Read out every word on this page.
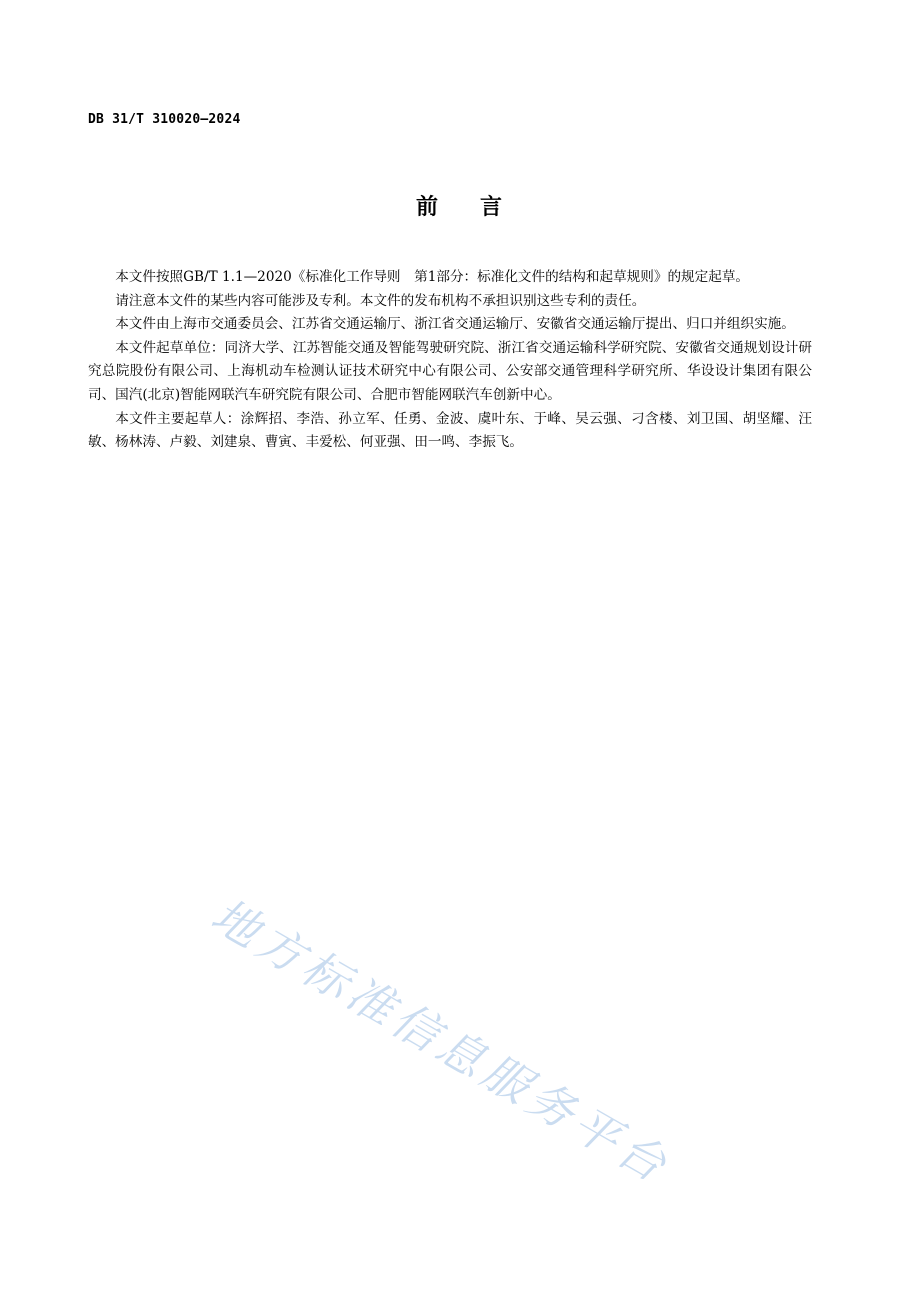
DB 31/T 310020—2024
前 言

本文件按照GB/T 1.1—2020《标准化工作导则　第1部分：标准化文件的结构和起草规则》的规定起草。

请注意本文件的某些内容可能涉及专利。本文件的发布机构不承担识别这些专利的责任。

本文件由上海市交通委员会、江苏省交通运输厅、浙江省交通运输厅、安徽省交通运输厅提出、归口并组织实施。

本文件起草单位：同济大学、江苏智能交通及智能驾驶研究院、浙江省交通运输科学研究院、安徽省交通规划设计研究总院股份有限公司、上海机动车检测认证技术研究中心有限公司、公安部交通管理科学研究所、华设设计集团有限公司、国汽(北京)智能网联汽车研究院有限公司、合肥市智能网联汽车创新中心。

本文件主要起草人：涂辉招、李浩、孙立军、任勇、金波、虞叶东、于峰、吴云强、刁含楼、刘卫国、胡坚耀、汪敏、杨林涛、卢毅、刘建泉、曹寅、丰爱松、何亚强、田一鸣、李振飞。

地方标准信息服务平台
